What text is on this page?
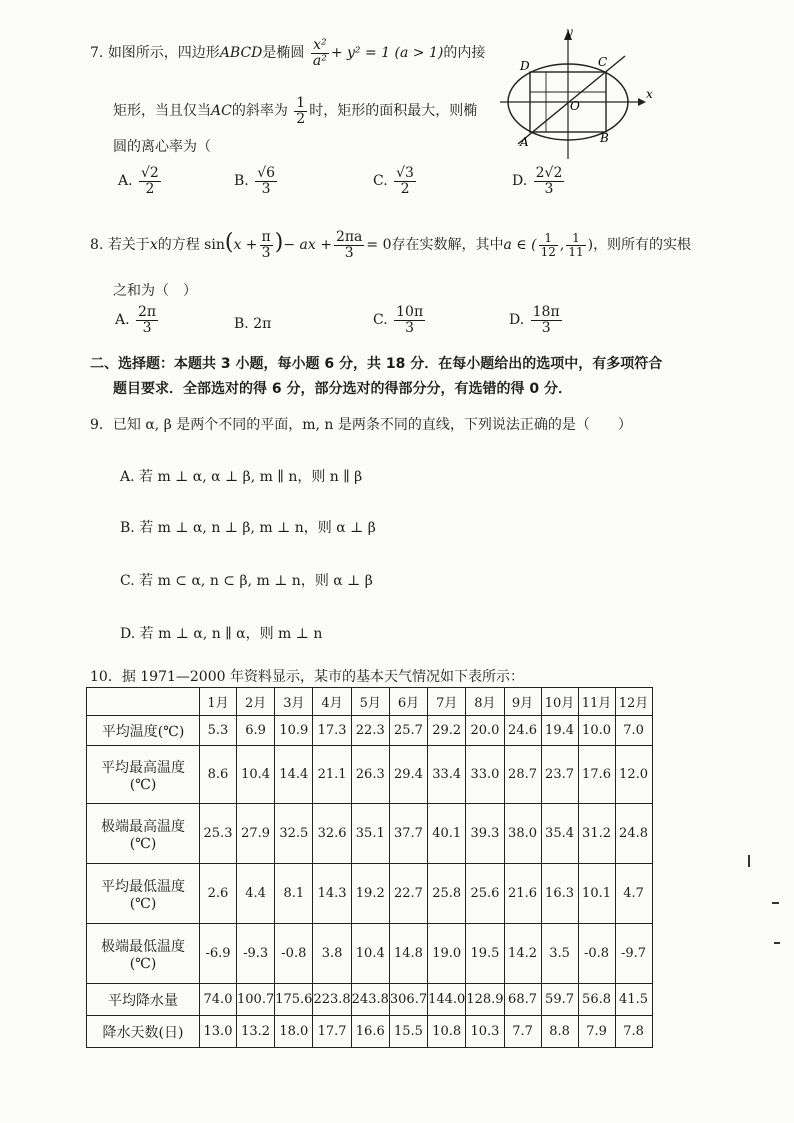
7. 如图所示，四边形ABCD是椭圆 $\frac{\text{x²}}{\text{a²}} + y^2 = 1$ (a > 1)的内接
矩形，当且仅当AC的斜率为 $\frac{1}{2}$ 时，矩形的面积最大，则椭
圆的离心率为（
A. $\frac{√2}{2}$	B. $\frac{√6}{3}$	C. $\frac{√3}{2}$	D. $\frac{2√2}{3}$
y
x
O
D	C
A	B
8. 若关于x的方程 $\sin(x + \frac{\pi}{3}$ )− ax + $\frac{2\pi a}{3} = 0$存在实数解，其中a ∈ ( $\frac{1}{12}$ , $\frac{1}{11}$ )，则所有的实根
之和为（　）
A. $\frac{2\pi}{3}$	B. 2π	C. $\frac{10\pi}{3}$	D. $\frac{18\pi}{3}$
二、选择题：本题共 3 小题，每小题 6 分，共 18 分．在每小题给出的选项中，有多项符合
题目要求．全部选对的得 6 分，部分选对的得部分分，有选错的得 0 分．
9．已知 α, β 是两个不同的平面，m, n 是两条不同的直线，下列说法正确的是（　　）
A. 若 m ⊥ α, α ⊥ β, m ∥ n，则 n ∥ β
B. 若 m ⊥ α, n ⊥ β, m ⊥ n，则 α ⊥ β
C. 若 m ⊂ α, n ⊂ β, m ⊥ n，则 α ⊥ β
D. 若 m ⊥ α, n ∥ α，则 m ⊥ n
10．据 1971—2000 年资料显示，某市的基本天气情况如下表所示：
	1月	2月	3月	4月	5月	6月	7月	8月	9月	10月	11月	12月
平均温度(℃)	5.3	6.9	10.9	17.3	22.3	25.7	29.2	20.0	24.6	19.4	10.0	7.0

平均最高温度
(℃)	8.6	10.4	14.4	21.1	26.3	29.4	33.4	33.0	28.7	23.7	17.6	12.0

极端最高温度
(℃)	25.3	27.9	32.5	32.6	35.1	37.7	40.1	39.3	38.0	35.4	31.2	24.8

平均最低温度
(℃)	2.6	4.4	8.1	14.3	19.2	22.7	25.8	25.6	21.6	16.3	10.1	4.7

极端最低温度
(℃)	-6.9	-9.3	-0.8	3.8	10.4	14.8	19.0	19.5	14.2	3.5	-0.8	-9.7
平均降水量	74.0	100.7	175.6	223.8	243.8	306.7	144.0	128.9	68.7	59.7	56.8	41.5
降水天数(日)	13.0	13.2	18.0	17.7	16.6	15.5	10.8	10.3	7.7	8.8	7.9	7.8
